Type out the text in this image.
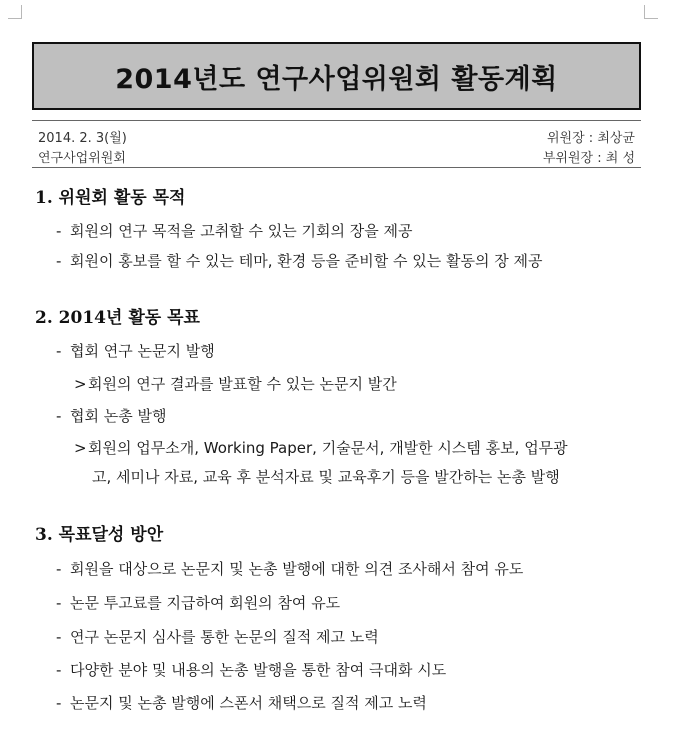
2014년도 연구사업위원회 활동계획
2014. 2. 3(월)	위원장 : 최상균
연구사업위원회	부위원장 : 최 성
1. 위원회 활동 목적
- 회원의 연구 목적을 고취할 수 있는 기회의 장을 제공
- 회원이 홍보를 할 수 있는 테마, 환경 등을 준비할 수 있는 활동의 장 제공
2. 2014년 활동 목표
- 협회 연구 논문지 발행
>회원의 연구 결과를 발표할 수 있는 논문지 발간
- 협회 논총 발행
>회원의 업무소개, Working Paper, 기술문서, 개발한 시스템 홍보, 업무광
고, 세미나 자료, 교육 후 분석자료 및 교육후기 등을 발간하는 논총 발행
3. 목표달성 방안
- 회원을 대상으로 논문지 및 논총 발행에 대한 의견 조사해서 참여 유도
- 논문 투고료를 지급하여 회원의 참여 유도
- 연구 논문지 심사를 통한 논문의 질적 제고 노력
- 다양한 분야 및 내용의 논총 발행을 통한 참여 극대화 시도
- 논문지 및 논총 발행에 스폰서 채택으로 질적 제고 노력
